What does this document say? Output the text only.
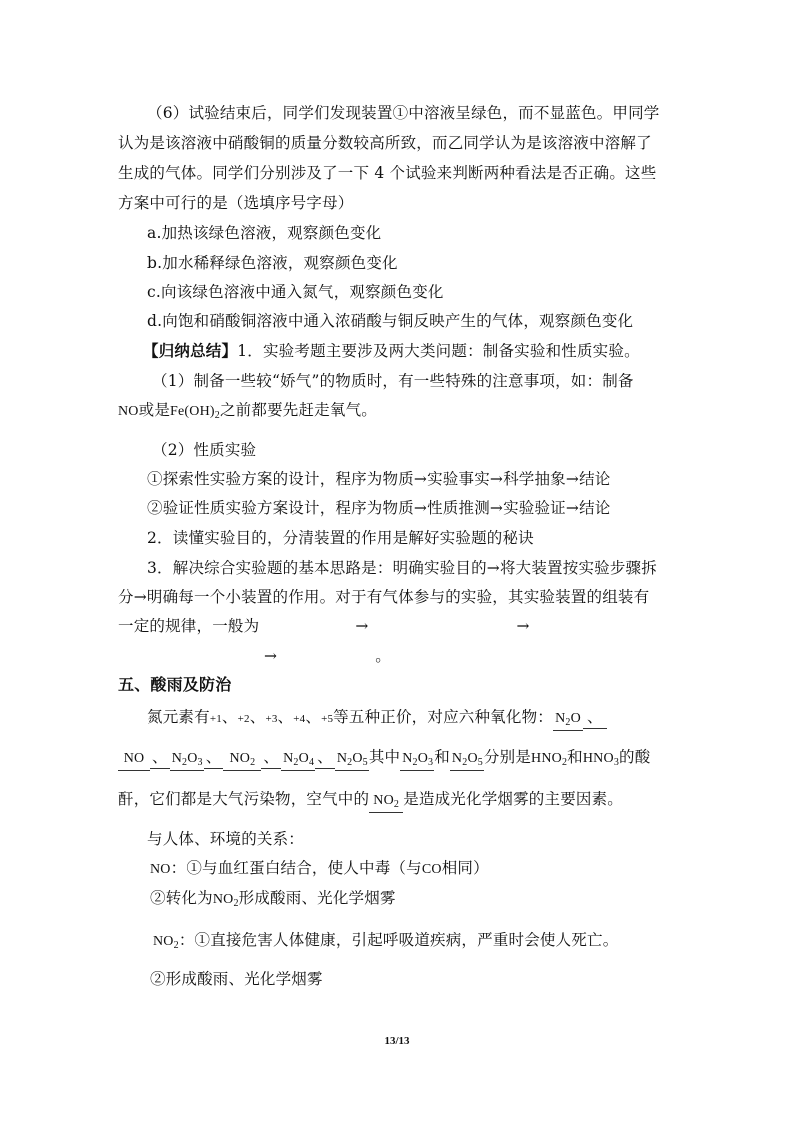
（6）试验结束后，同学们发现装置①中溶液呈绿色，而不显蓝色。甲同学
认为是该溶液中硝酸铜的质量分数较高所致，而乙同学认为是该溶液中溶解了
生成的气体。同学们分别涉及了一下 4 个试验来判断两种看法是否正确。这些
方案中可行的是（选填序号字母）
a.加热该绿色溶液，观察颜色变化
b.加水稀释绿色溶液，观察颜色变化
c.向该绿色溶液中通入氮气，观察颜色变化
d.向饱和硝酸铜溶液中通入浓硝酸与铜反映产生的气体，观察颜色变化
【归纳总结】1．实验考题主要涉及两大类问题：制备实验和性质实验。
（1）制备一些较“娇气”的物质时，有一些特殊的注意事项，如：制备
NO或是$Fe(OH)_2$之前都要先赶走氧气。
（2）性质实验
①探索性实验方案的设计，程序为物质→实验事实→科学抽象→结论
②验证性质实验方案设计，程序为物质→性质推测→实验验证→结论
2．读懂实验目的，分清装置的作用是解好实验题的秘诀
3．解决综合实验题的基本思路是：明确实验目的→将大装置按实验步骤拆
分→明确每一个小装置的作用。对于有气体参与的实验，其实验装置的组装有
一定的规律，一般为	→	→
→	。
五、酸雨及防治
氮元素有+1、+2、+3、+4、+5等五种正价，对应六种氧化物： $N_2O$ 、
NO 、 $N_2O_3$ 、 $NO_2$ 、 $N_2O_4$ 、 $N_2O_5$其中 $N_2O_3$和 $N_2O_5$分别是$HNO_2$和$HNO_3$的酸
酐，它们都是大气污染物，空气中的 $NO_2$ 是造成光化学烟雾的主要因素。
与人体、环境的关系：
NO：①与血红蛋白结合，使人中毒（与CO相同）
②转化为$NO_2$形成酸雨、光化学烟雾
$NO_2$：①直接危害人体健康，引起呼吸道疾病，严重时会使人死亡。
②形成酸雨、光化学烟雾
13/13
